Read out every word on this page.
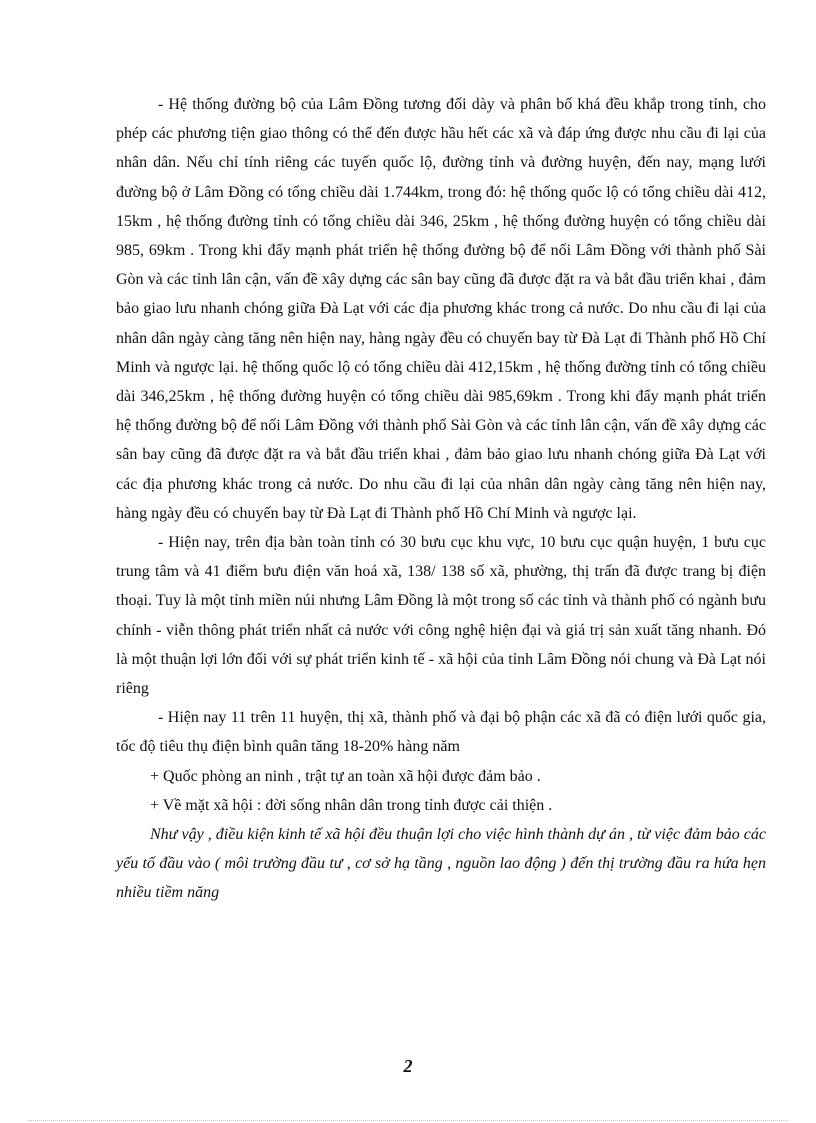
- Hệ thống đường bộ của Lâm Đồng tương đối dày và phân bố khá đều khắp trong tỉnh, cho phép các phương tiện giao thông có thể đến được hầu hết các xã và đáp ứng được nhu cầu đi lại của nhân dân. Nếu chỉ tính riêng các tuyến quốc lộ, đường tỉnh và đường huyện, đến nay, mạng lưới đường bộ ở Lâm Đồng có tổng chiều dài 1.744km, trong đó: hệ thống quốc lộ có tổng chiều dài 412, 15km , hệ thống đường tỉnh có tổng chiều dài 346, 25km , hệ thống đường huyện có tổng chiều dài 985, 69km . Trong khi đẩy mạnh phát triển hệ thống đường bộ để nối Lâm Đồng với thành phố Sài Gòn và các tỉnh lân cận, vấn đề xây dựng các sân bay cũng đã được đặt ra và bắt đầu triển khai , đảm bảo giao lưu nhanh chóng giữa Đà Lạt với các địa phương khác trong cả nước. Do nhu cầu đi lại của nhân dân ngày càng tăng nên hiện nay, hàng ngày đều có chuyến bay từ Đà Lạt đi Thành phố Hồ Chí Minh và ngược lại. hệ thống quốc lộ có tổng chiều dài 412,15km , hệ thống đường tỉnh có tổng chiều dài 346,25km , hệ thống đường huyện có tổng chiều dài 985,69km . Trong khi đẩy mạnh phát triển hệ thống đường bộ để nối Lâm Đồng với thành phố Sài Gòn và các tỉnh lân cận, vấn đề xây dựng các sân bay cũng đã được đặt ra và bắt đầu triển khai , đảm bảo giao lưu nhanh chóng giữa Đà Lạt với các địa phương khác trong cả nước. Do nhu cầu đi lại của nhân dân ngày càng tăng nên hiện nay, hàng ngày đều có chuyến bay từ Đà Lạt đi Thành phố Hồ Chí Minh và ngược lại.

- Hiện nay, trên địa bàn toàn tỉnh có 30 bưu cục khu vực, 10 bưu cục quận huyện, 1 bưu cục trung tâm và 41 điểm bưu điện văn hoá xã, 138/ 138 số xã, phường, thị trấn đã được trang bị điện thoại. Tuy là một tỉnh miền núi nhưng Lâm Đồng là một trong số các tỉnh và thành phố có ngành bưu chính - viễn thông phát triển nhất cả nước với công nghệ hiện đại và giá trị sản xuất tăng nhanh. Đó là một thuận lợi lớn đối với sự phát triển kinh tế - xã hội của tỉnh Lâm Đồng nói chung và Đà Lạt nói riêng

- Hiện nay 11 trên 11 huyện, thị xã, thành phố và đại bộ phận các xã đã có điện lưới quốc gia, tốc độ tiêu thụ điện bình quân tăng 18-20% hàng năm

+ Quốc phòng an ninh , trật tự an toàn xã hội được đảm bảo .

+ Về mặt xã hội : đời sống nhân dân trong tỉnh được cải thiện .

Như vậy , điều kiện kinh tế xã hội đều thuận lợi cho việc hình thành dự án , từ việc đảm bảo các yếu tố đầu vào ( môi trường đầu tư , cơ sở hạ tầng , nguồn lao động ) đến thị trường đầu ra hứa hẹn nhiều tiềm năng

2
